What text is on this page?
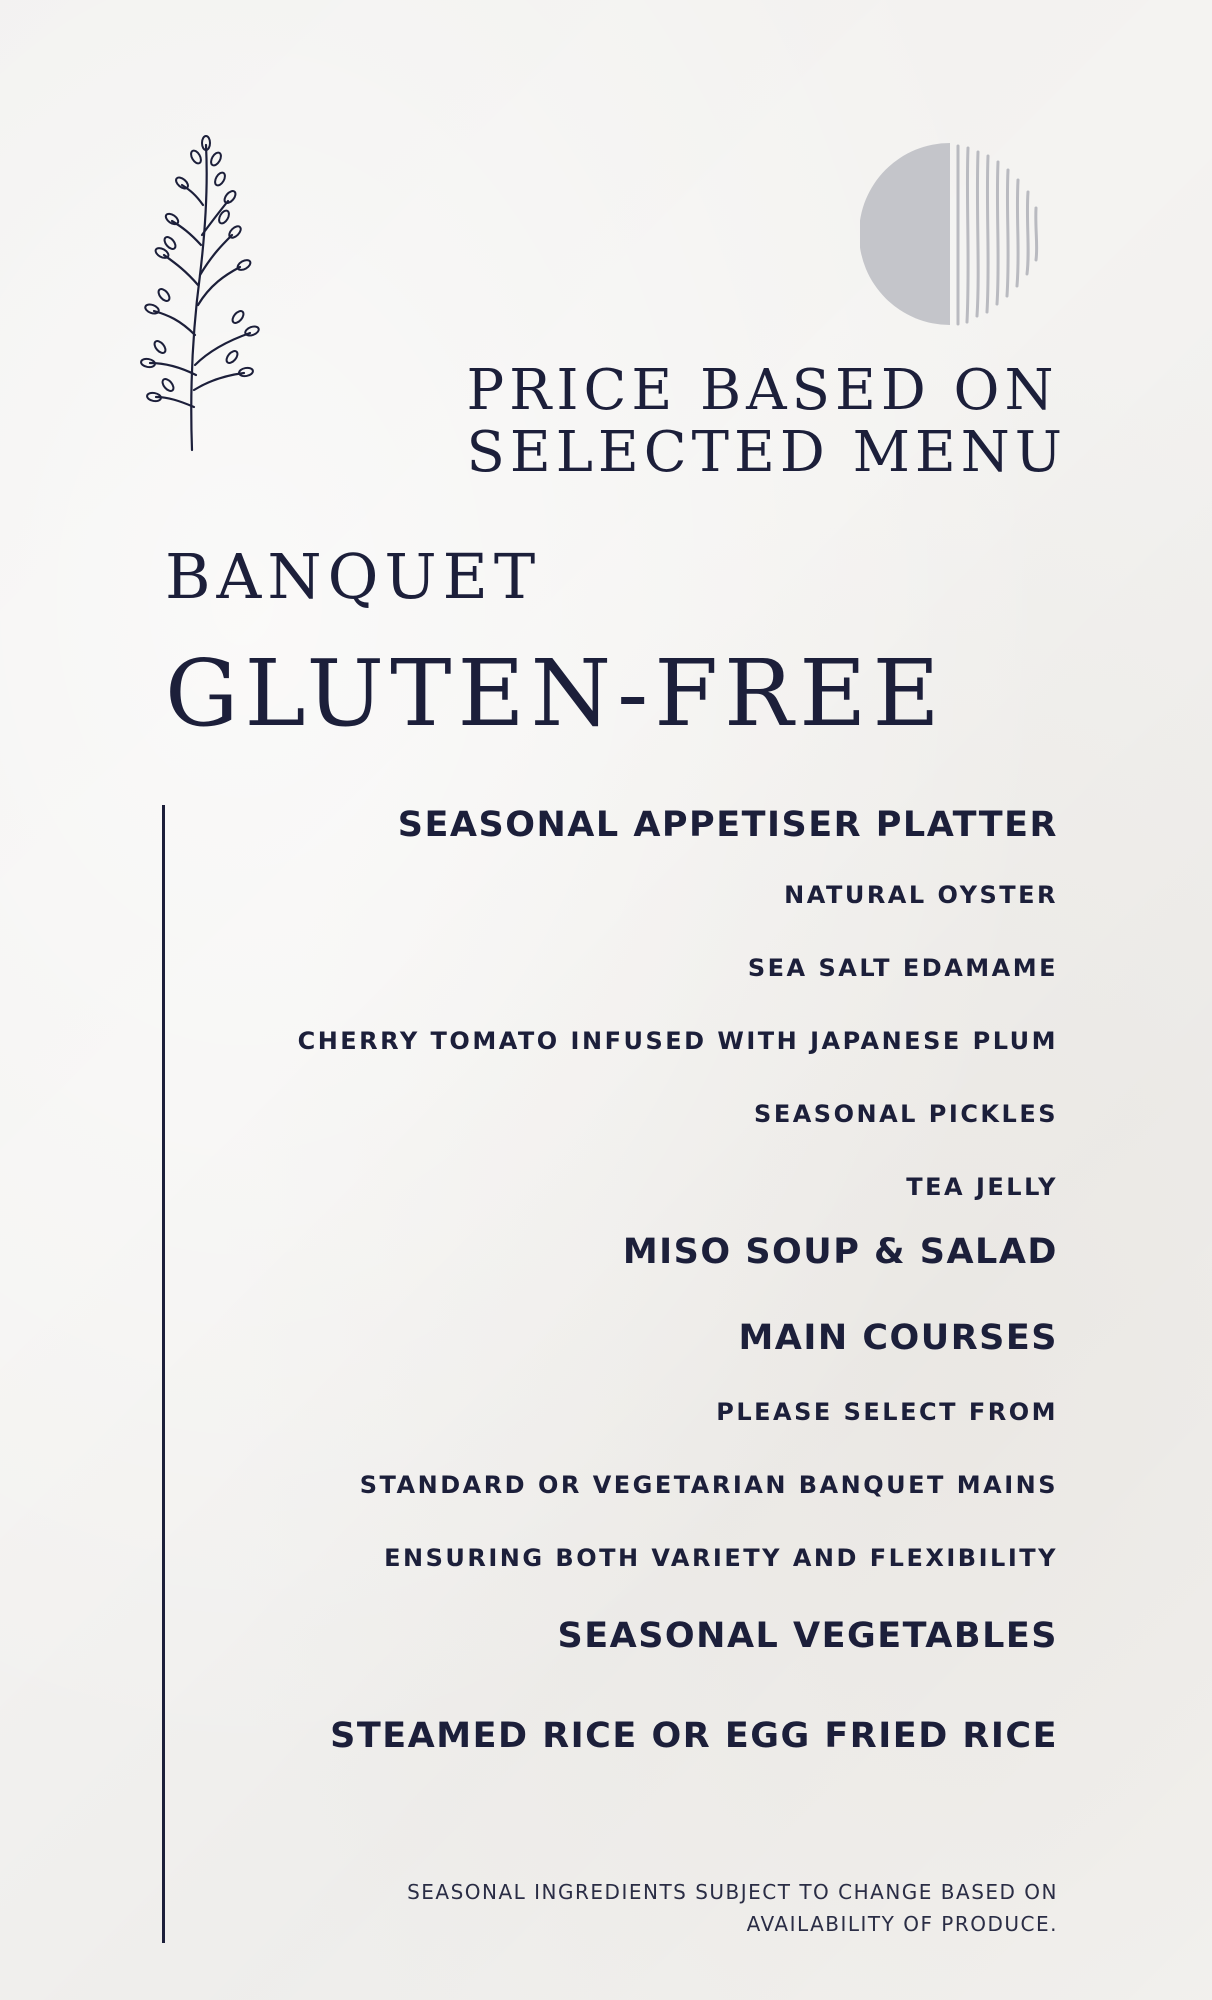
PRICE BASED ON
SELECTED MENU
BANQUET
GLUTEN-FREE
SEASONAL APPETISER PLATTER
NATURAL OYSTER
SEA SALT EDAMAME
CHERRY TOMATO INFUSED WITH JAPANESE PLUM
SEASONAL PICKLES
TEA JELLY
MISO SOUP & SALAD
MAIN COURSES
PLEASE SELECT FROM
STANDARD OR VEGETARIAN BANQUET MAINS
ENSURING BOTH VARIETY AND FLEXIBILITY
SEASONAL VEGETABLES
STEAMED RICE OR EGG FRIED RICE
SEASONAL INGREDIENTS SUBJECT TO CHANGE BASED ON
AVAILABILITY OF PRODUCE.
